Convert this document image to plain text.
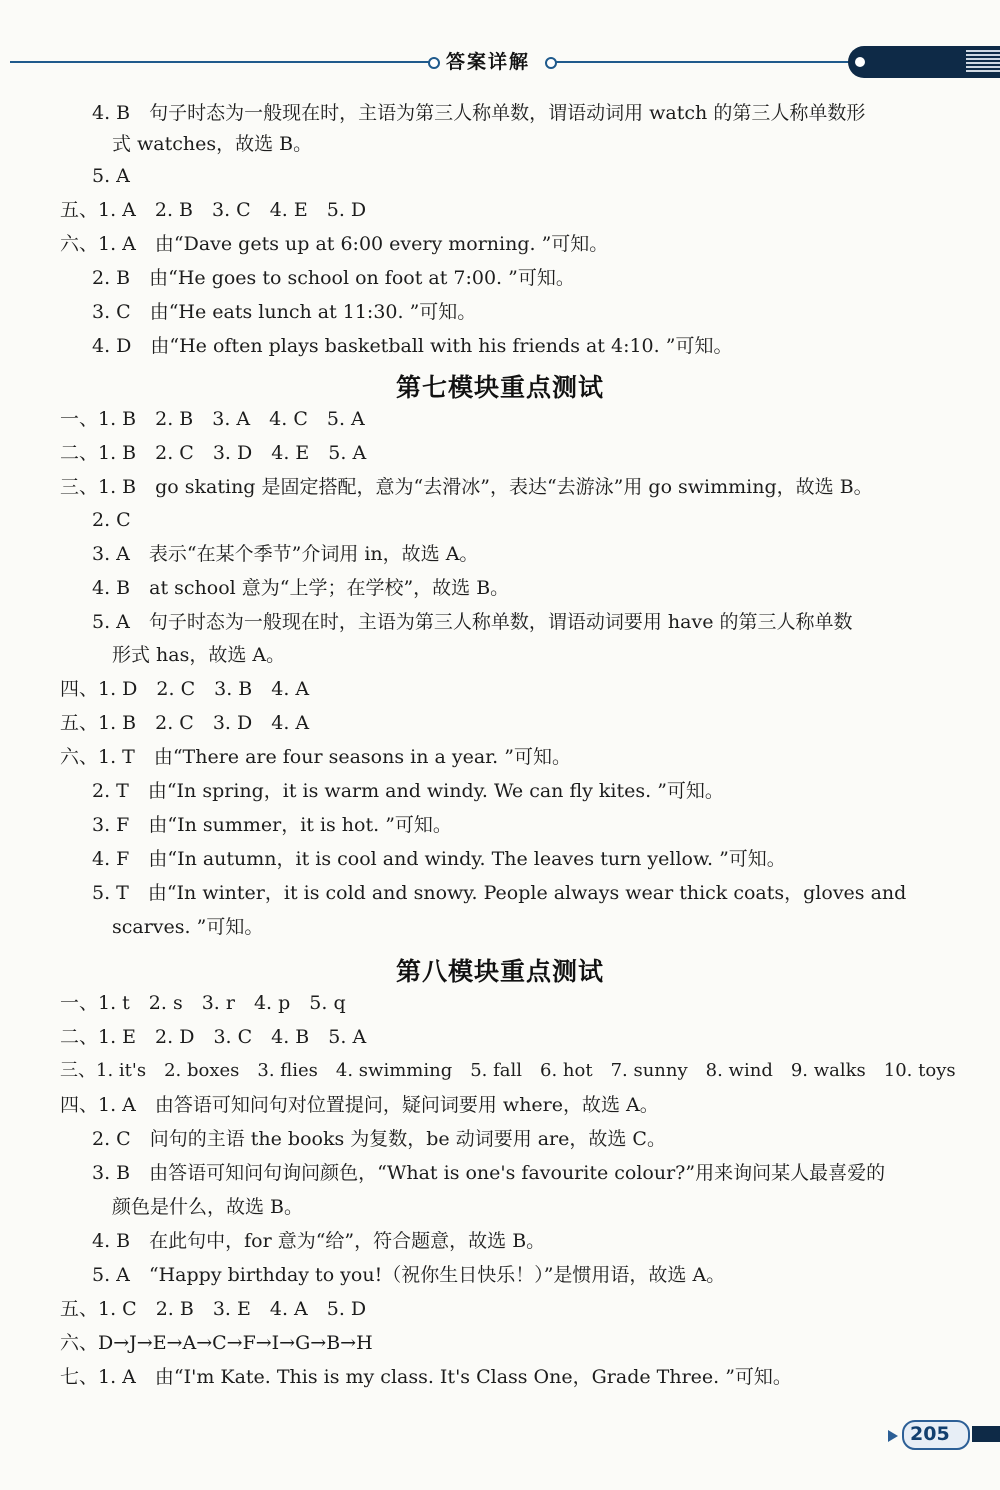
答案详解
4. B　句子时态为一般现在时，主语为第三人称单数，谓语动词用 watch 的第三人称单数形
式 watches，故选 B。
5. A
五、1. A　2. B　3. C　4. E　5. D
六、1. A　由“Dave gets up at 6:00 every morning. ”可知。
2. B　由“He goes to school on foot at 7:00. ”可知。
3. C　由“He eats lunch at 11:30. ”可知。
4. D　由“He often plays basketball with his friends at 4:10. ”可知。
第七模块重点测试
一、1. B　2. B　3. A　4. C　5. A
二、1. B　2. C　3. D　4. E　5. A
三、1. B　go skating 是固定搭配，意为“去滑冰”，表达“去游泳”用 go swimming，故选 B。
2. C
3. A　表示“在某个季节”介词用 in，故选 A。
4. B　at school 意为“上学；在学校”，故选 B。
5. A　句子时态为一般现在时，主语为第三人称单数，谓语动词要用 have 的第三人称单数
形式 has，故选 A。
四、1. D　2. C　3. B　4. A
五、1. B　2. C　3. D　4. A
六、1. T　由“There are four seasons in a year. ”可知。
2. T　由“In spring，it is warm and windy. We can fly kites. ”可知。
3. F　由“In summer，it is hot. ”可知。
4. F　由“In autumn，it is cool and windy. The leaves turn yellow. ”可知。
5. T　由“In winter，it is cold and snowy. People always wear thick coats，gloves and
scarves. ”可知。
第八模块重点测试
一、1. t　2. s　3. r　4. p　5. q
二、1. E　2. D　3. C　4. B　5. A
三、1. it's　2. boxes　3. flies　4. swimming　5. fall　6. hot　7. sunny　8. wind　9. walks　10. toys
四、1. A　由答语可知问句对位置提问，疑问词要用 where，故选 A。
2. C　问句的主语 the books 为复数，be 动词要用 are，故选 C。
3. B　由答语可知问句询问颜色，“What is one's favourite colour?”用来询问某人最喜爱的
颜色是什么，故选 B。
4. B　在此句中，for 意为“给”，符合题意，故选 B。
5. A　“Happy birthday to you!（祝你生日快乐！）”是惯用语，故选 A。
五、1. C　2. B　3. E　4. A　5. D
六、D→J→E→A→C→F→I→G→B→H
七、1. A　由“I'm Kate. This is my class. It's Class One，Grade Three. ”可知。
205
